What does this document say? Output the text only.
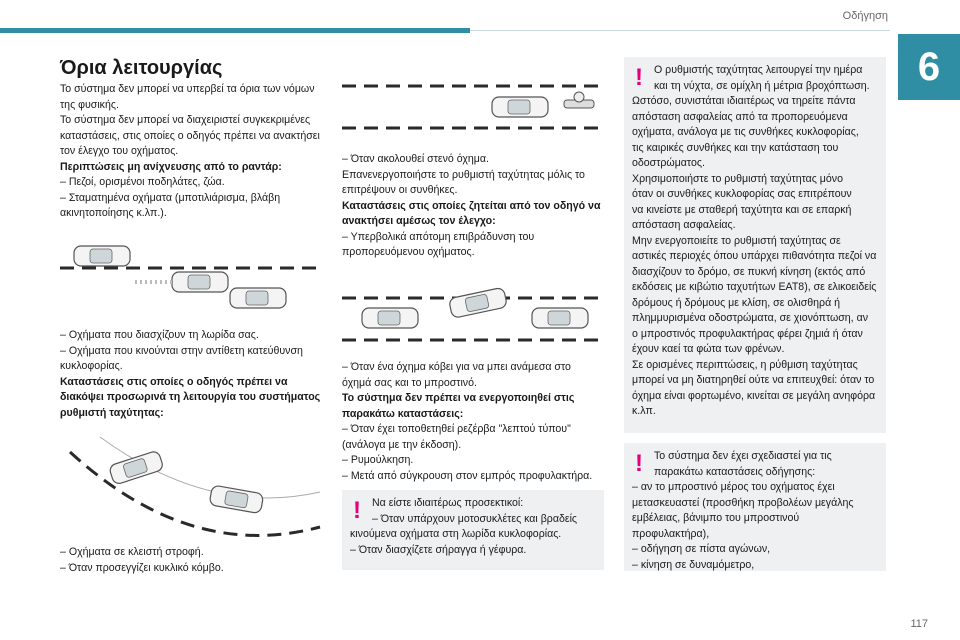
Οδήγηση
6
117
Όρια λειτουργίας

Το σύστημα δεν μπορεί να υπερβεί τα όρια των νόμων

της φυσικής.

Το σύστημα δεν μπορεί να διαχειριστεί συγκεκριμένες

καταστάσεις, στις οποίες ο οδηγός πρέπει να ανακτήσει

τον έλεγχο του οχήματος.

Περιπτώσεις μη ανίχνευσης από το ραντάρ:

– Πεζοί, ορισμένοι ποδηλάτες, ζώα.

– Σταματημένα οχήματα (μποτιλιάρισμα, βλάβη

ακινητοποίησης κ.λπ.).

– Οχήματα που διασχίζουν τη λωρίδα σας.

– Οχήματα που κινούνται στην αντίθετη κατεύθυνση

κυκλοφορίας.

Καταστάσεις στις οποίες ο οδηγός πρέπει να

διακόψει προσωρινά τη λειτουργία του συστήματος

ρυθμιστή ταχύτητας:

– Οχήματα σε κλειστή στροφή.

– Όταν προσεγγίζει κυκλικό κόμβο.

– Όταν ακολουθεί στενό όχημα.

Επανενεργοποιήστε το ρυθμιστή ταχύτητας μόλις το

επιτρέψουν οι συνθήκες.

Καταστάσεις στις οποίες ζητείται από τον οδηγό να

ανακτήσει αμέσως τον έλεγχο:

– Υπερβολικά απότομη επιβράδυνση του

προπορευόμενου οχήματος.

– Όταν ένα όχημα κόβει για να μπει ανάμεσα στο

όχημά σας και το μπροστινό.

Το σύστημα δεν πρέπει να ενεργοποιηθεί στις

παρακάτω καταστάσεις:

– Όταν έχει τοποθετηθεί ρεζέρβα "λεπτού τύπου"

(ανάλογα με την έκδοση).

– Ρυμούλκηση.

– Μετά από σύγκρουση στον εμπρός προφυλακτήρα.

!	Να είστε ιδιαιτέρως προσεκτικοί:

– Όταν υπάρχουν μοτοσυκλέτες και βραδείς

κινούμενα οχήματα στη λωρίδα κυκλοφορίας.

– Όταν διασχίζετε σήραγγα ή γέφυρα.

!	Ο ρυθμιστής ταχύτητας λειτουργεί την ημέρα

και τη νύχτα, σε ομίχλη ή μέτρια βροχόπτωση.

Ωστόσο, συνιστάται ιδιαιτέρως να τηρείτε πάντα

απόσταση ασφαλείας από τα προπορευόμενα

οχήματα, ανάλογα με τις συνθήκες κυκλοφορίας,

τις καιρικές συνθήκες και την κατάσταση του

οδοστρώματος.

Χρησιμοποιήστε το ρυθμιστή ταχύτητας μόνο

όταν οι συνθήκες κυκλοφορίας σας επιτρέπουν

να κινείστε με σταθερή ταχύτητα και σε επαρκή

απόσταση ασφαλείας.

Μην ενεργοποιείτε το ρυθμιστή ταχύτητας σε

αστικές περιοχές όπου υπάρχει πιθανότητα πεζοί να

διασχίζουν το δρόμο, σε πυκνή κίνηση (εκτός από

εκδόσεις με κιβώτιο ταχυτήτων EAT8), σε ελικοειδείς

δρόμους ή δρόμους με κλίση, σε ολισθηρά ή

πλημμυρισμένα οδοστρώματα, σε χιονόπτωση, αν

ο μπροστινός προφυλακτήρας φέρει ζημιά ή όταν

έχουν καεί τα φώτα των φρένων.

Σε ορισμένες περιπτώσεις, η ρύθμιση ταχύτητας

μπορεί να μη διατηρηθεί ούτε να επιτευχθεί: όταν το

όχημα είναι φορτωμένο, κινείται σε μεγάλη ανηφόρα

κ.λπ.

!	Το σύστημα δεν έχει σχεδιαστεί για τις

παρακάτω καταστάσεις οδήγησης:

– αν το μπροστινό μέρος του οχήματος έχει

μετασκευαστεί (προσθήκη προβολέων μεγάλης

εμβέλειας, βάνιμπο του μπροστινού προφυλακτήρα),

– οδήγηση σε πίστα αγώνων,

– κίνηση σε δυναμόμετρο,
